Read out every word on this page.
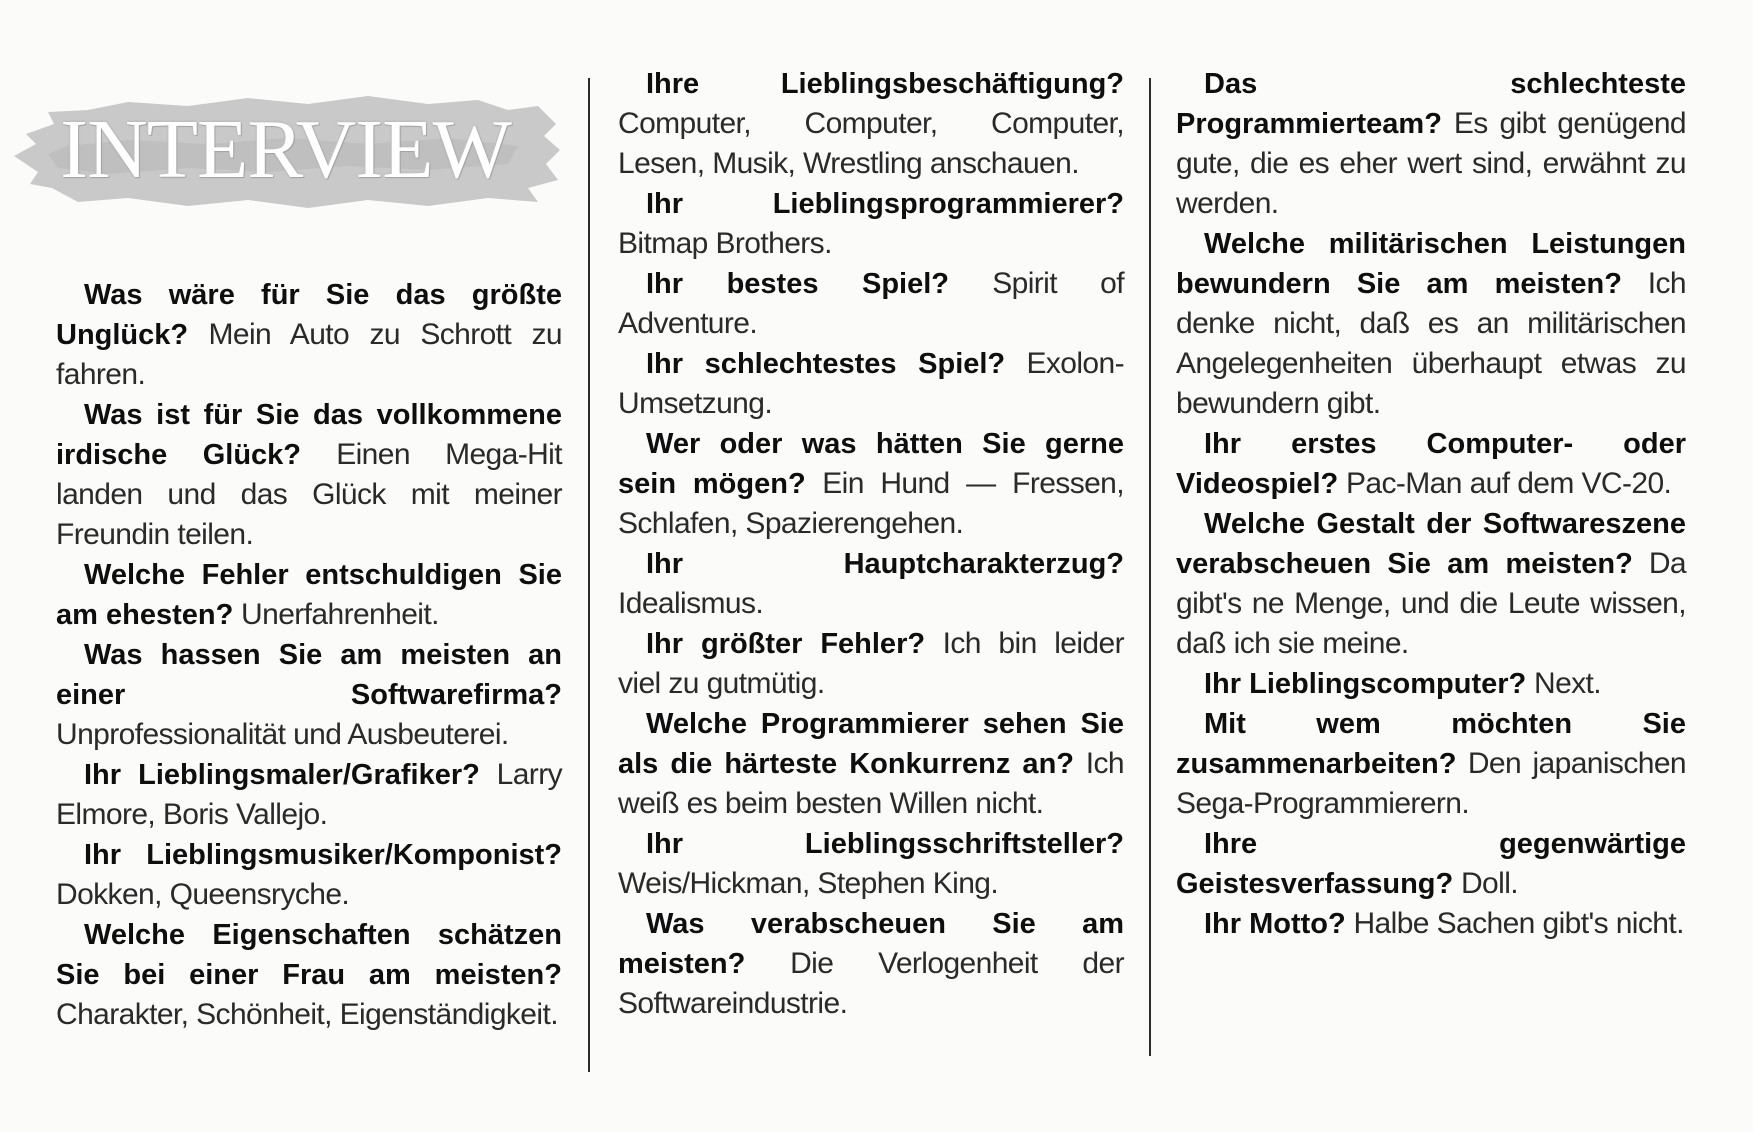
INTERVIEW

Was wäre für Sie das größte Unglück? Mein Auto zu Schrott zu fahren.

Was ist für Sie das vollkommene irdische Glück? Einen Mega-Hit landen und das Glück mit meiner Freundin teilen.

Welche Fehler entschuldigen Sie am ehesten? Unerfahrenheit.

Was hassen Sie am meisten an einer Softwarefirma? Unprofessionalität und Ausbeuterei.

Ihr Lieblingsmaler/Grafiker? Larry Elmore, Boris Vallejo.

Ihr Lieblingsmusiker/Komponist? Dokken, Queensryche.

Welche Eigenschaften schätzen Sie bei einer Frau am meisten? Charakter, Schönheit, Eigenständigkeit.

Ihre Lieblingsbeschäftigung? Computer, Computer, Computer, Lesen, Musik, Wrestling anschauen.

Ihr Lieblingsprogrammierer? Bitmap Brothers.

Ihr bestes Spiel? Spirit of Adventure.

Ihr schlechtestes Spiel? Exolon-Umsetzung.

Wer oder was hätten Sie gerne sein mögen? Ein Hund — Fressen, Schlafen, Spazierengehen.

Ihr Hauptcharakterzug? Idealismus.

Ihr größter Fehler? Ich bin leider viel zu gutmütig.

Welche Programmierer sehen Sie als die härteste Konkurrenz an? Ich weiß es beim besten Willen nicht.

Ihr Lieblingsschriftsteller? Weis/Hickman, Stephen King.

Was verabscheuen Sie am meisten? Die Verlogenheit der Softwareindustrie.

Das schlechteste Programmierteam? Es gibt genügend gute, die es eher wert sind, erwähnt zu werden.

Welche militärischen Leistungen bewundern Sie am meisten? Ich denke nicht, daß es an militärischen Angelegenheiten überhaupt etwas zu bewundern gibt.

Ihr erstes Computer- oder Videospiel? Pac-Man auf dem VC-20.

Welche Gestalt der Softwareszene verabscheuen Sie am meisten? Da gibt's ne Menge, und die Leute wissen, daß ich sie meine.

Ihr Lieblingscomputer? Next.

Mit wem möchten Sie zusammenarbeiten? Den japanischen Sega-Programmierern.

Ihre gegenwärtige Geistesverfassung? Doll.

Ihr Motto? Halbe Sachen gibt's nicht.
